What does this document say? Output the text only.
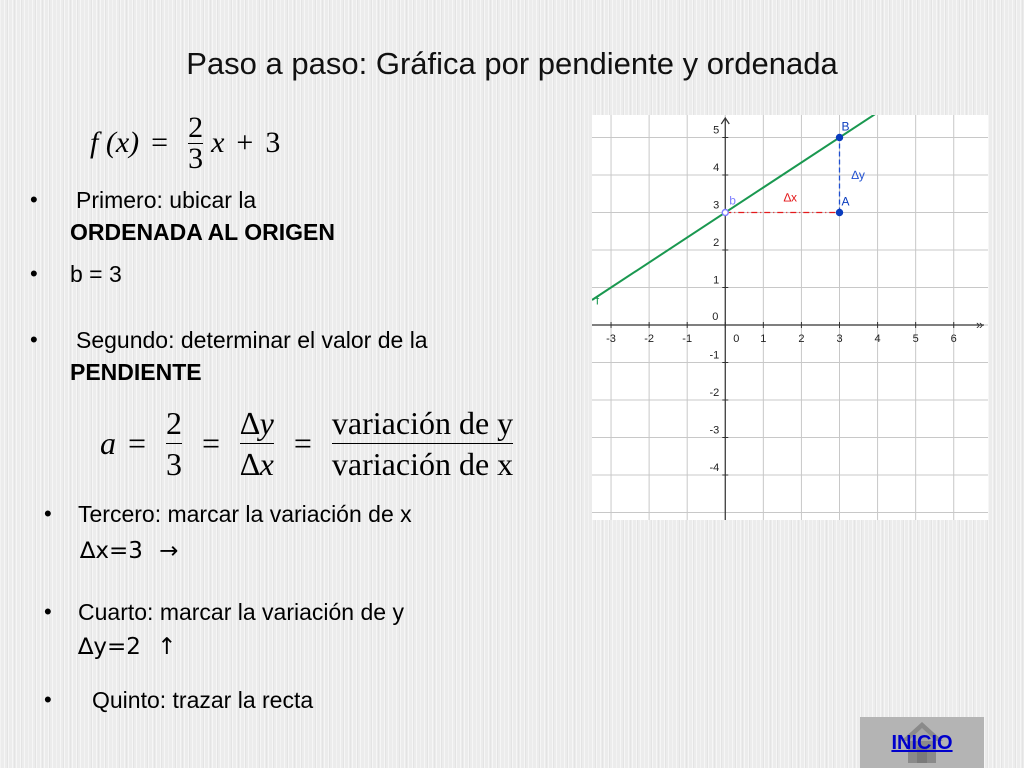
Paso a paso: Gráfica por pendiente y ordenada
f $(x) = \frac{2}{3}$ x + 3
• Primero: ubicar la
ORDENADA AL ORIGEN
• b = 3
• Segundo: determinar el valor de la
PENDIENTE
$a = \frac{2}{3} = \frac{\Delta y}{\Delta x} = \frac{\text{variación de y}}{\text{variación de x}}$
• Tercero: marcar la variación de x
∆x=3 →
• Cuarto: marcar la variación de y
∆y=2 ↑
• Quinto: trazar la recta
»
-3	-2	-1	1	2	3	4	5	6
0
0
-4
-3
-2
-1
1
2
3
4
5
f
∆x
∆y
b	A
B
INICIO
